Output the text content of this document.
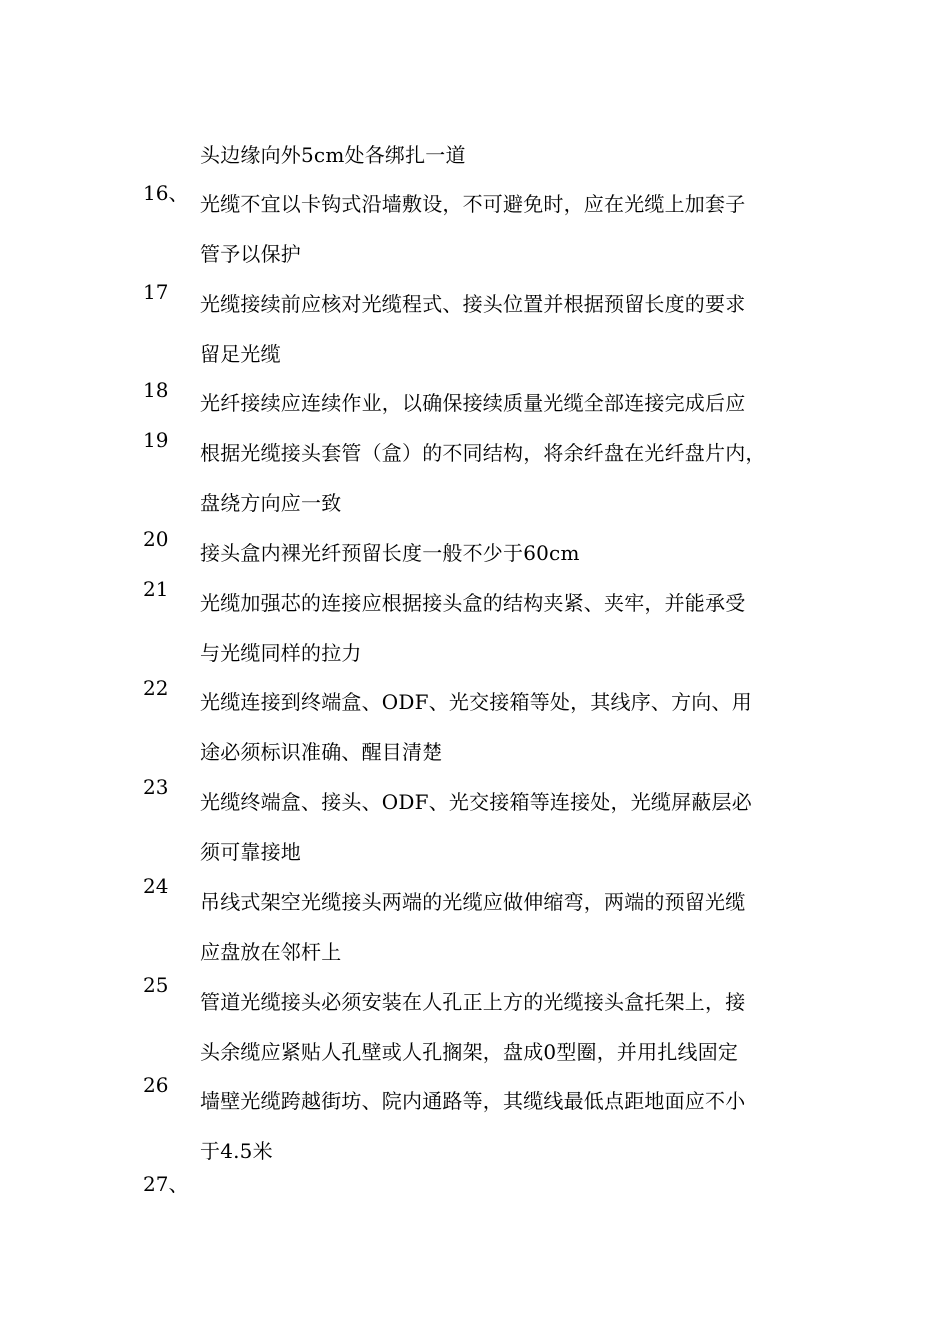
头边缘向外5cm处各绑扎一道
16、 光缆不宜以卡钩式沿墙敷设，不可避免时，应在光缆上加套子
管予以保护
17 光缆接续前应核对光缆程式、接头位置并根据预留长度的要求
留足光缆
18
光纤接续应连续作业，以确保接续质量光缆全部连接完成后应
19
根据光缆接头套管（盒）的不同结构，将余纤盘在光纤盘片内，
盘绕方向应一致
20
接头盒内裸光纤预留长度一般不少于60cm
21
光缆加强芯的连接应根据接头盒的结构夹紧、夹牢，并能承受
与光缆同样的拉力
22
光缆连接到终端盒、ODF、光交接箱等处，其线序、方向、用
途必须标识准确、醒目清楚
23
光缆终端盒、接头、ODF、光交接箱等连接处，光缆屏蔽层必
须可靠接地
24
吊线式架空光缆接头两端的光缆应做伸缩弯，两端的预留光缆
应盘放在邻杆上
25
管道光缆接头必须安装在人孔正上方的光缆接头盒托架上，接
头余缆应紧贴人孔壁或人孔搁架，盘成0型圈，并用扎线固定
26
墙壁光缆跨越街坊、院内通路等，其缆线最低点距地面应不小
于4.5米
27、
